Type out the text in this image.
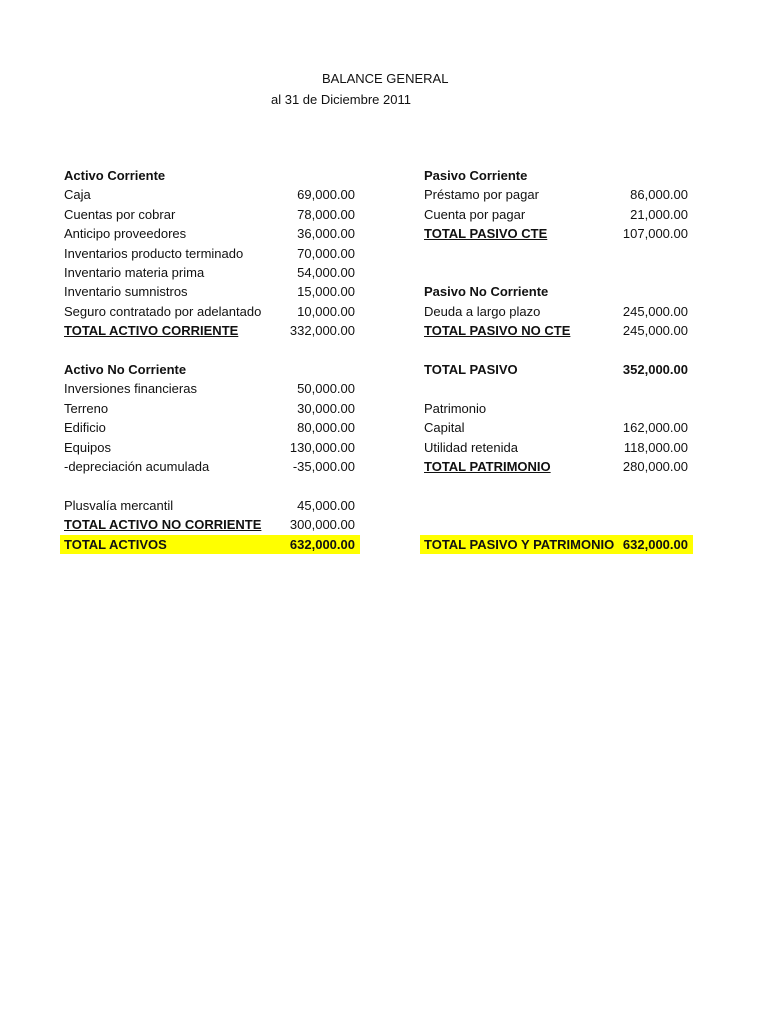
BALANCE GENERAL
al 31 de Diciembre 2011
Activo Corriente
Caja	69,000.00
Cuentas por cobrar	78,000.00
Anticipo proveedores	36,000.00
Inventarios producto terminado	70,000.00
Inventario materia prima	54,000.00
Inventario sumnistros	15,000.00
Seguro contratado por adelantado	10,000.00
TOTAL ACTIVO CORRIENTE	332,000.00
Activo No Corriente
Inversiones financieras	50,000.00
Terreno	30,000.00
Edificio	80,000.00
Equipos	130,000.00
-depreciación acumulada	-35,000.00
Plusvalía mercantil	45,000.00
TOTAL ACTIVO NO CORRIENTE 300,000.00
TOTAL ACTIVOS	632,000.00
Pasivo Corriente
Préstamo por pagar	86,000.00
Cuenta por pagar	21,000.00
TOTAL PASIVO CTE	107,000.00
Pasivo No Corriente
Deuda a largo plazo	245,000.00
TOTAL PASIVO NO CTE	245,000.00
TOTAL PASIVO	352,000.00
Patrimonio
Capital	162,000.00
Utilidad retenida	118,000.00
TOTAL PATRIMONIO	280,000.00
TOTAL PASIVO Y PATRIMONIO 632,000.00
